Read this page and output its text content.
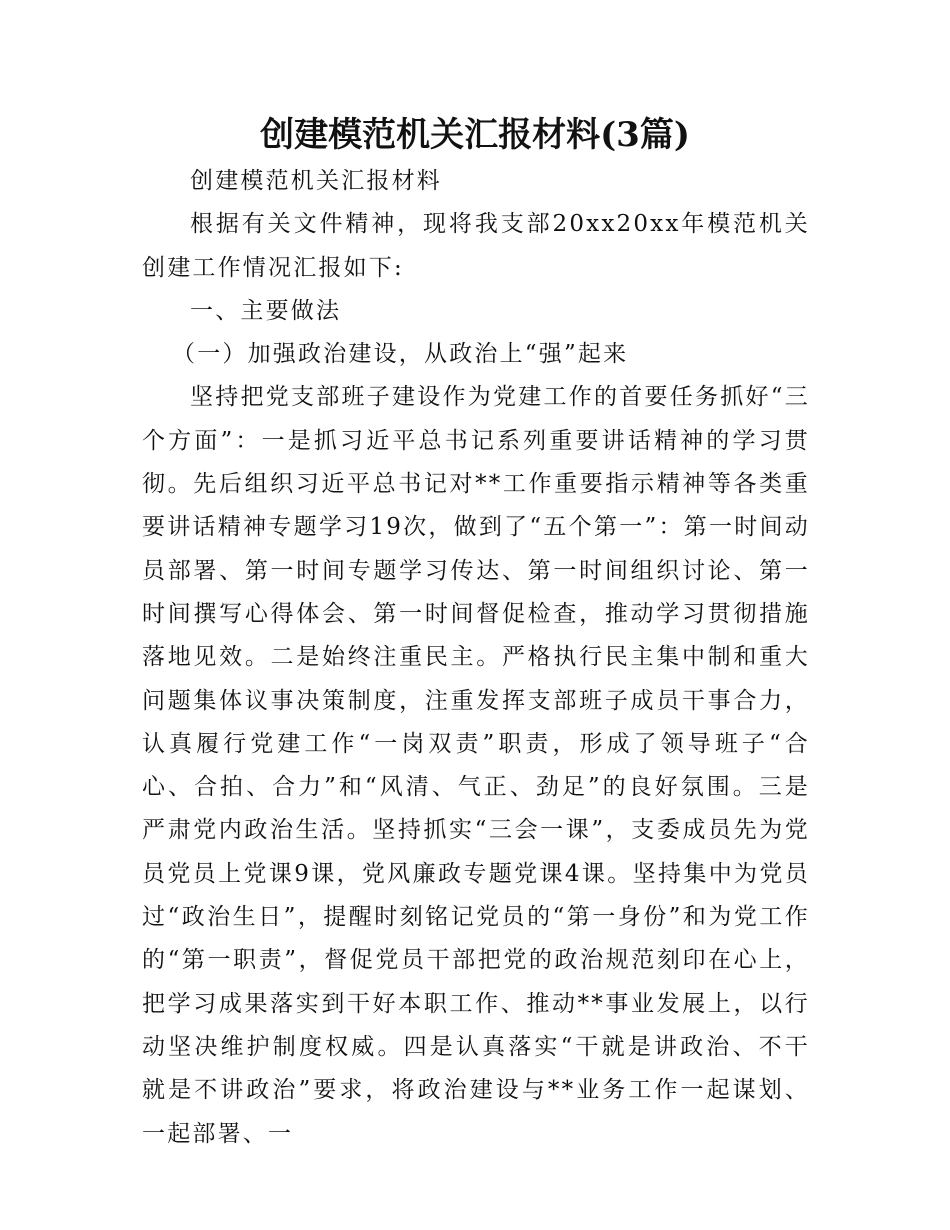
创建模范机关汇报材料(3篇)

创建模范机关汇报材料

根据有关文件精神，现将我支部20xx20xx年模范机关创建工作情况汇报如下:

一、主要做法

（一）加强政治建设，从政治上“强”起来

坚持把党支部班子建设作为党建工作的首要任务抓好“三个方面”：一是抓习近平总书记系列重要讲话精神的学习贯彻。先后组织习近平总书记对**工作重要指示精神等各类重要讲话精神专题学习19次，做到了“五个第一”：第一时间动员部署、第一时间专题学习传达、第一时间组织讨论、第一时间撰写心得体会、第一时间督促检查，推动学习贯彻措施落地见效。二是始终注重民主。严格执行民主集中制和重大问题集体议事决策制度，注重发挥支部班子成员干事合力，认真履行党建工作“一岗双责”职责，形成了领导班子“合心、合拍、合力”和“风清、气正、劲足”的良好氛围。三是严肃党内政治生活。坚持抓实“三会一课”，支委成员先为党员党员上党课9课，党风廉政专题党课4课。坚持集中为党员过“政治生日”，提醒时刻铭记党员的“第一身份”和为党工作的“第一职责”，督促党员干部把党的政治规范刻印在心上，把学习成果落实到干好本职工作、推动**事业发展上，以行动坚决维护制度权威。四是认真落实“干就是讲政治、不干就是不讲政治”要求，将政治建设与**业务工作一起谋划、一起部署、一
